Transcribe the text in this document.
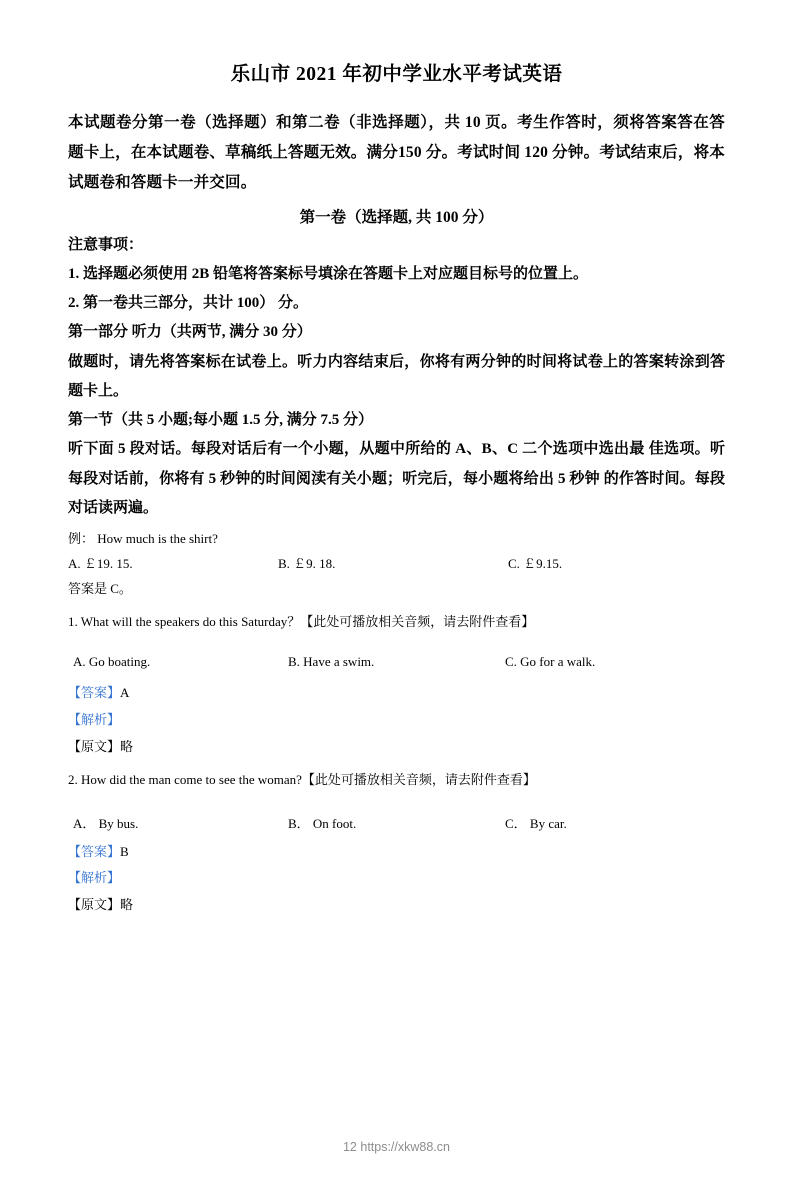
乐山市 2021 年初中学业水平考试英语

本试题卷分第一卷（选择题）和第二卷（非选择题），共 10 页。考生作答时，须将答案答在答题卡上，在本试题卷、草稿纸上答题无效。满分150 分。考试时间 120 分钟。考试结束后，将本试题卷和答题卡一并交回。

第一卷（选择题, 共 100 分）

注意事项：

1. 选择题必须使用 2B 铅笔将答案标号填涂在答题卡上对应题目标号的位置上。

2. 第一卷共三部分，共计 100） 分。

第一部分 听力（共两节, 满分 30 分）

做题时，请先将答案标在试卷上。听力内容结束后，你将有两分钟的时间将试卷上的答案转涂到答题卡上。

第一节（共 5 小题;每小题 1.5 分, 满分 7.5 分）

听下面 5 段对话。每段对话后有一个小题，从题中所给的 A、B、C 二个选项中选出最 佳选项。听每段对话前，你将有 5 秒钟的时间阅渎有关小题；听完后，每小题将给出 5 秒钟 的作答时间。每段对话读两遍。

例： How much is the shirt?

A. ￡19. 15.	B. ￡9. 18.	C. ￡9.15.

答案是 C。

1. What will the speakers do this Saturday？【此处可播放相关音频，请去附件查看】

A. Go boating.	B. Have a swim.	C. Go for a walk.

【答案】A

【解析】

【原文】略

2. How did the man come to see the woman?【此处可播放相关音频，请去附件查看】

A． By bus.	B． On foot.	C． By car.

【答案】B

【解析】

【原文】略

12 https://xkw88.cn
